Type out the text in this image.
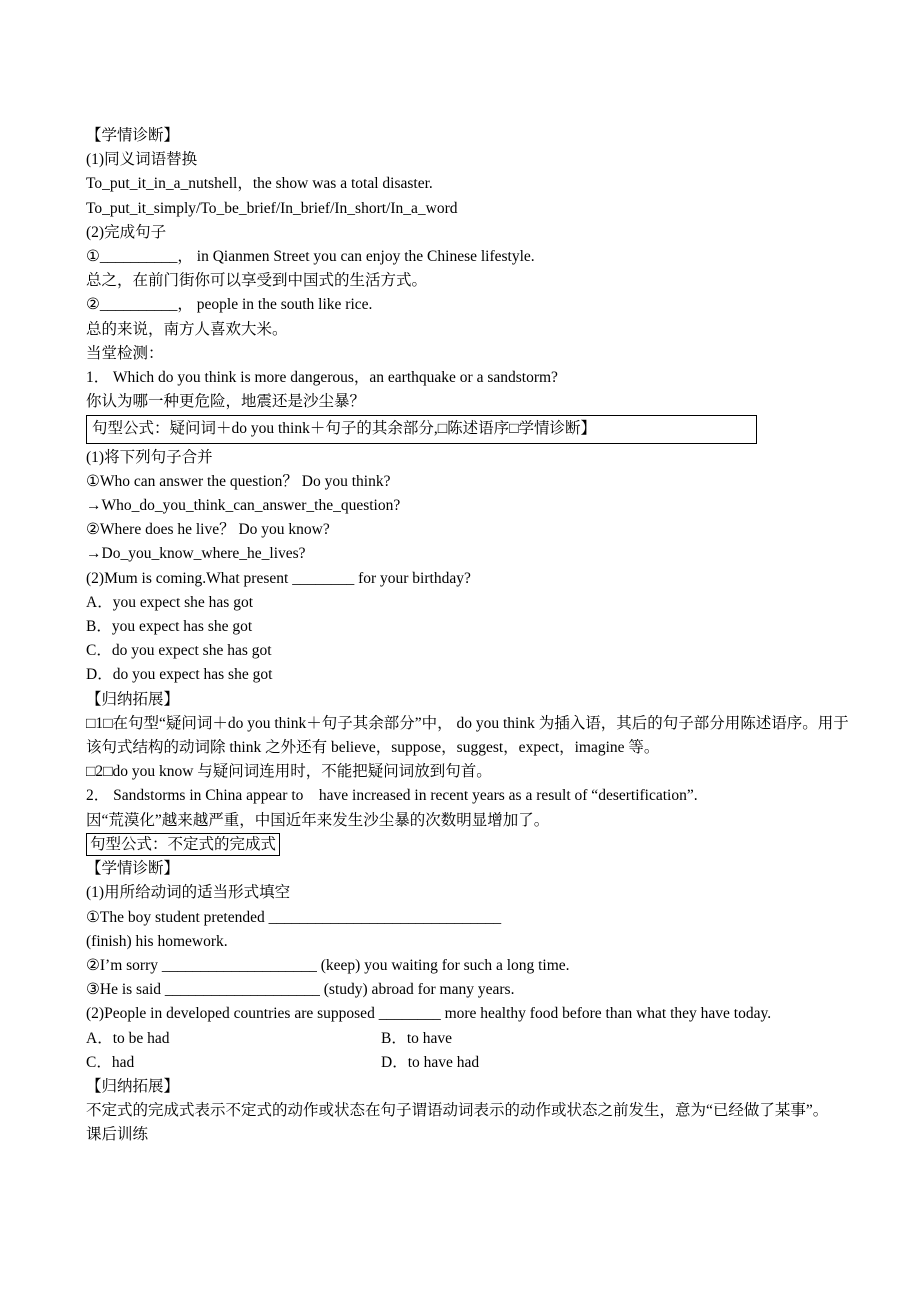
【学情诊断】
(1)同义词语替换
To_put_it_in_a_nutshell，the show was a total disaster.
To_put_it_simply/To_be_brief/In_brief/In_short/In_a_word
(2)完成句子
①__________， in Qianmen Street you can enjoy the Chinese lifestyle.
总之，在前门街你可以享受到中国式的生活方式。
②__________， people in the south like rice.
总的来说，南方人喜欢大米。
当堂检测：
1． Which do you think is more dangerous，an earthquake or a sandstorm?
你认为哪一种更危险，地震还是沙尘暴？
句型公式：疑问词＋do you think＋句子的其余部分,□陈述语序□学情诊断】
(1)将下列句子合并
①Who can answer the question？ Do you think?
→Who_do_you_think_can_answer_the_question?
②Where does he live？ Do you know?
→Do_you_know_where_he_lives?
(2)Mum is coming.What present ________ for your birthday?
A．you expect she has got
B．you expect has she got
C．do you expect she has got
D．do you expect has she got
【归纳拓展】
□1□在句型“疑问词＋do you think＋句子其余部分”中， do you think 为插入语，其后的句子部分用陈述语序。用于该句式结构的动词除 think 之外还有 believe，suppose，suggest，expect，imagine 等。
□2□do you know 与疑问词连用时，不能把疑问词放到句首。
2． Sandstorms in China appear to　have increased in recent years as a result of “desertification”.
因“荒漠化”越来越严重，中国近年来发生沙尘暴的次数明显增加了。
句型公式：不定式的完成式
【学情诊断】
(1)用所给动词的适当形式填空
①The boy student pretended ______________________________
(finish) his homework.
②I’m sorry ____________________ (keep) you waiting for such a long time.
③He is said ____________________ (study) abroad for many years.
(2)People in developed countries are supposed ________ more healthy food before than what they have today.
A．to be had	B．to have
C．had	D．to have had
【归纳拓展】
不定式的完成式表示不定式的动作或状态在句子谓语动词表示的动作或状态之前发生，意为“已经做了某事”。
课后训练
